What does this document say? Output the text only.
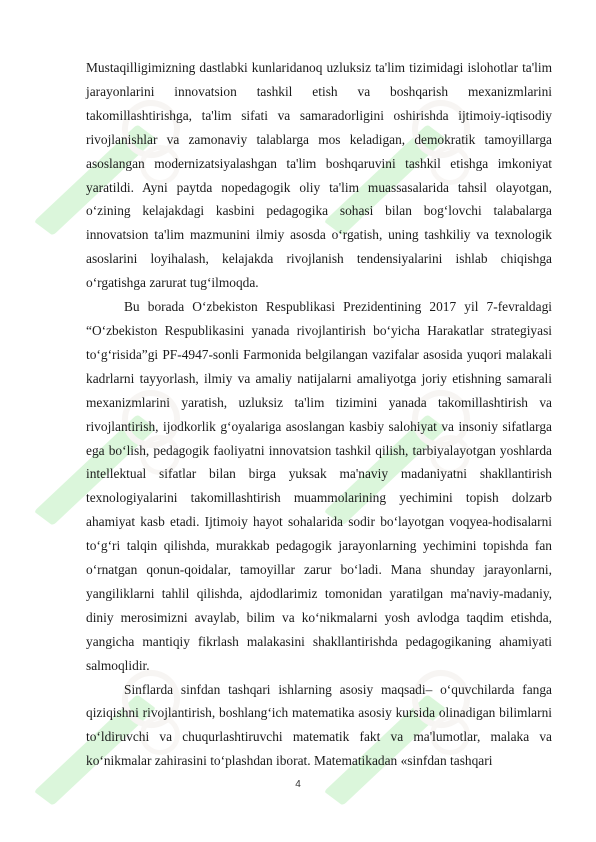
Mustaqilligimizning dastlabki kunlaridanoq uzluksiz ta'lim tizimidagi islohotlar ta'lim jarayonlarini innovatsion tashkil etish va boshqarish mexanizmlarini takomillashtirishga, ta'lim sifati va samaradorligini oshirishda ijtimoiy-iqtisodiy rivojlanishlar va zamonaviy talablarga mos keladigan, demokratik tamoyillarga asoslangan modernizatsiyalashgan ta'lim boshqaruvini tashkil etishga imkoniyat yaratildi. Ayni paytda nopedagogik oliy ta'lim muassasalarida tahsil olayotgan, o‘zining kelajakdagi kasbini pedagogika sohasi bilan bog‘lovchi talabalarga innovatsion ta'lim mazmunini ilmiy asosda o‘rgatish, uning tashkiliy va texnologik asoslarini loyihalash, kelajakda rivojlanish tendensiyalarini ishlab chiqishga o‘rgatishga zarurat tug‘ilmoqda.

Bu borada O‘zbekiston Respublikasi Prezidentining 2017 yil 7-fevraldagi “O‘zbekiston Respublikasini yanada rivojlantirish bo‘yicha Harakatlar strategiyasi to‘g‘risida”gi PF-4947-sonli Farmonida belgilangan vazifalar asosida yuqori malakali kadrlarni tayyorlash, ilmiy va amaliy natijalarni amaliyotga joriy etishning samarali mexanizmlarini yaratish, uzluksiz ta'lim tizimini yanada takomillashtirish va rivojlantirish, ijodkorlik g‘oyalariga asoslangan kasbiy salohiyat va insoniy sifatlarga ega bo‘lish, pedagogik faoliyatni innovatsion tashkil qilish, tarbiyalayotgan yoshlarda intellektual sifatlar bilan birga yuksak ma'naviy madaniyatni shakllantirish texnologiyalarini takomillashtirish muammolarining yechimini topish dolzarb ahamiyat kasb etadi. Ijtimoiy hayot sohalarida sodir bo‘layotgan voqyea-hodisalarni to‘g‘ri talqin qilishda, murakkab pedagogik jarayonlarning yechimini topishda fan o‘rnatgan qonun-qoidalar, tamoyillar zarur bo‘ladi. Mana shunday jarayonlarni, yangiliklarni tahlil qilishda, ajdodlarimiz tomonidan yaratilgan ma'naviy-madaniy, diniy merosimizni avaylab, bilim va ko‘nikmalarni yosh avlodga taqdim etishda, yangicha mantiqiy fikrlash malakasini shakllantirishda pedagogikaning ahamiyati salmoqlidir.

Sinflarda sinfdan tashqari ishlarning asosiy maqsadi– o‘quvchilarda fanga qiziqishni rivojlantirish, boshlang‘ich matematika asosiy kursida olinadigan bilimlarni to‘ldiruvchi va chuqurlashtiruvchi matematik fakt va ma'lumotlar, malaka va ko‘nikmalar zahirasini to‘plashdan iborat. Matematikadan «sinfdan tashqari

4
